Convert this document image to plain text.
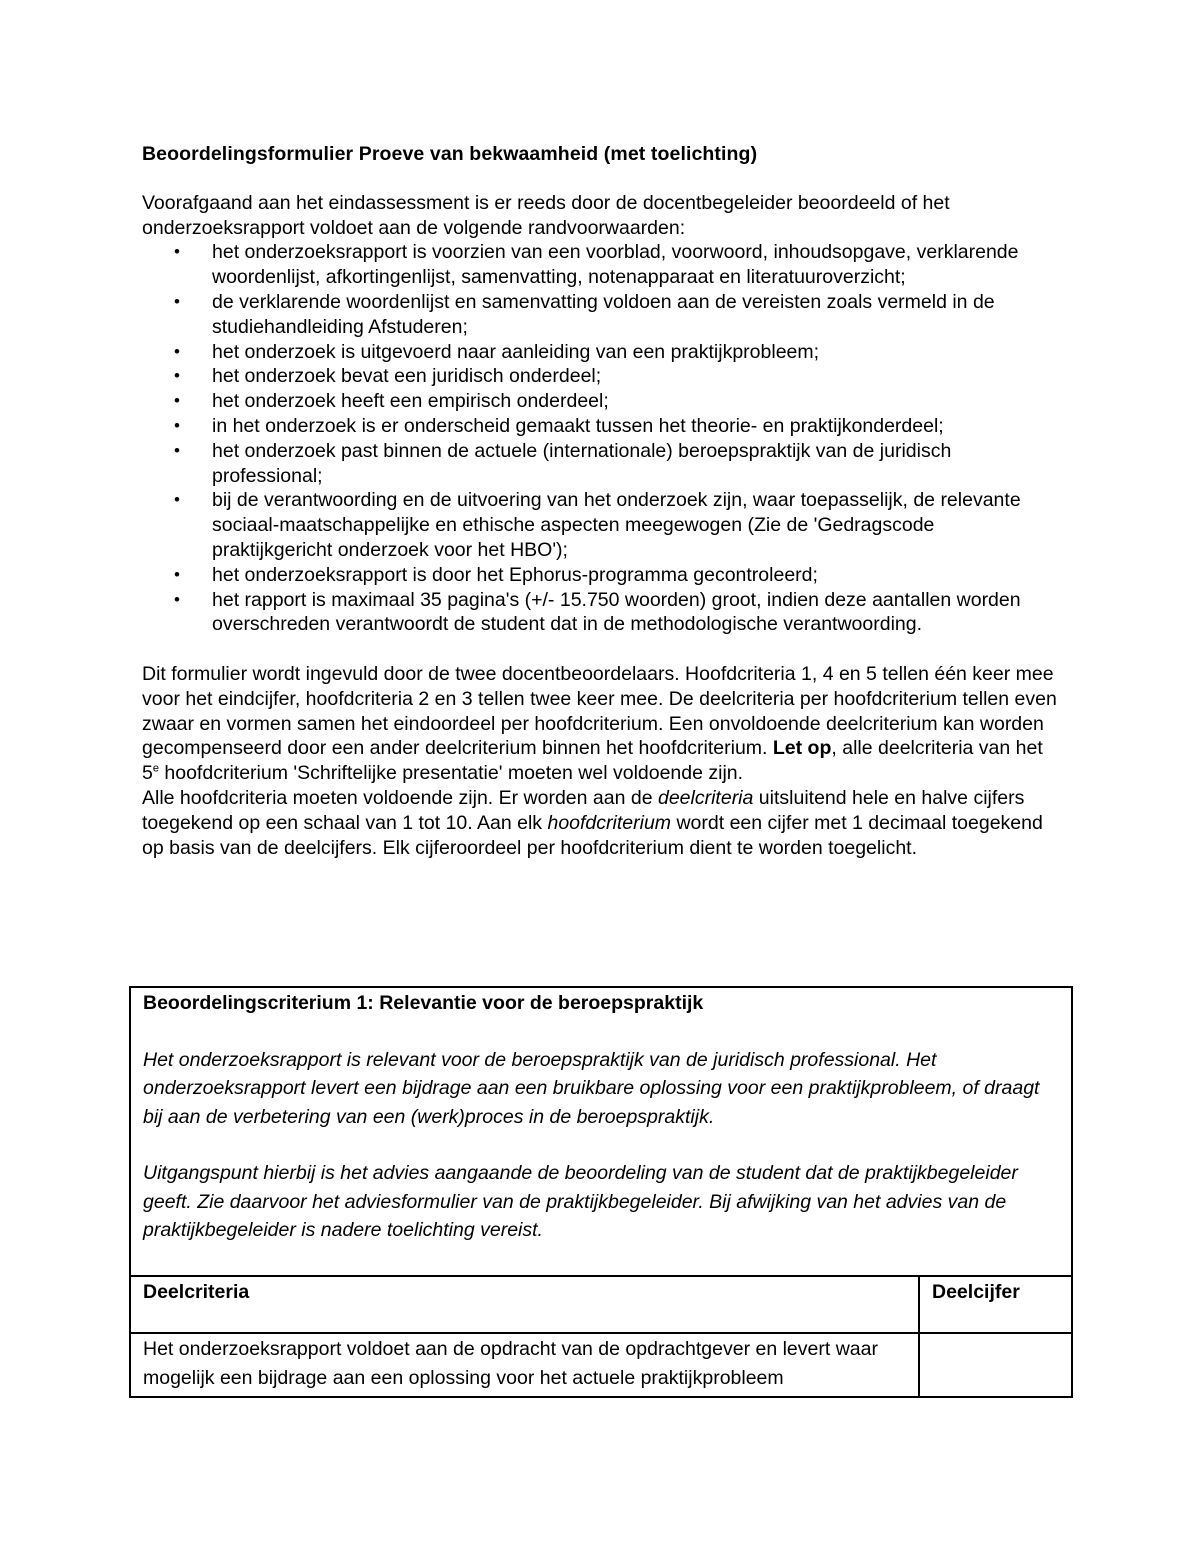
Beoordelingsformulier Proeve van bekwaamheid (met toelichting)

Voorafgaand aan het eindassessment is er reeds door de docentbegeleider beoordeeld of het onderzoeksrapport voldoet aan de volgende randvoorwaarden:

• het onderzoeksrapport is voorzien van een voorblad, voorwoord, inhoudsopgave, verklarende woordenlijst, afkortingenlijst, samenvatting, notenapparaat en literatuuroverzicht;
• de verklarende woordenlijst en samenvatting voldoen aan de vereisten zoals vermeld in de studiehandleiding Afstuderen;
• het onderzoek is uitgevoerd naar aanleiding van een praktijkprobleem;
• het onderzoek bevat een juridisch onderdeel;
• het onderzoek heeft een empirisch onderdeel;
• in het onderzoek is er onderscheid gemaakt tussen het theorie- en praktijkonderdeel;
• het onderzoek past binnen de actuele (internationale) beroepspraktijk van de juridisch professional;
• bij de verantwoording en de uitvoering van het onderzoek zijn, waar toepasselijk, de relevante sociaal-maatschappelijke en ethische aspecten meegewogen (Zie de 'Gedragscode praktijkgericht onderzoek voor het HBO');
• het onderzoeksrapport is door het Ephorus-programma gecontroleerd;
• het rapport is maximaal 35 pagina's (+/- 15.750 woorden) groot, indien deze aantallen worden overschreden verantwoordt de student dat in de methodologische verantwoording.

Dit formulier wordt ingevuld door de twee docentbeoordelaars. Hoofdcriteria 1, 4 en 5 tellen één keer mee voor het eindcijfer, hoofdcriteria 2 en 3 tellen twee keer mee. De deelcriteria per hoofdcriterium tellen even zwaar en vormen samen het eindoordeel per hoofdcriterium. Een onvoldoende deelcriterium kan worden gecompenseerd door een ander deelcriterium binnen het hoofdcriterium. Let op, alle deelcriteria van het 5e hoofdcriterium 'Schriftelijke presentatie' moeten wel voldoende zijn.

Alle hoofdcriteria moeten voldoende zijn. Er worden aan de deelcriteria uitsluitend hele en halve cijfers toegekend op een schaal van 1 tot 10. Aan elk hoofdcriterium wordt een cijfer met 1 decimaal toegekend op basis van de deelcijfers. Elk cijferoordeel per hoofdcriterium dient te worden toegelicht.

Beoordelingscriterium 1: Relevantie voor de beroepspraktijk

Het onderzoeksrapport is relevant voor de beroepspraktijk van de juridisch professional. Het onderzoeksrapport levert een bijdrage aan een bruikbare oplossing voor een praktijkprobleem, of draagt bij aan de verbetering van een (werk)proces in de beroepspraktijk.

Uitgangspunt hierbij is het advies aangaande de beoordeling van de student dat de praktijkbegeleider geeft. Zie daarvoor het adviesformulier van de praktijkbegeleider. Bij afwijking van het advies van de praktijkbegeleider is nadere toelichting vereist.	

Deelcriteria	Deelcijfer
Het onderzoeksrapport voldoet aan de opdracht van de opdrachtgever en levert waar mogelijk een bijdrage aan een oplossing voor het actuele praktijkprobleem	
